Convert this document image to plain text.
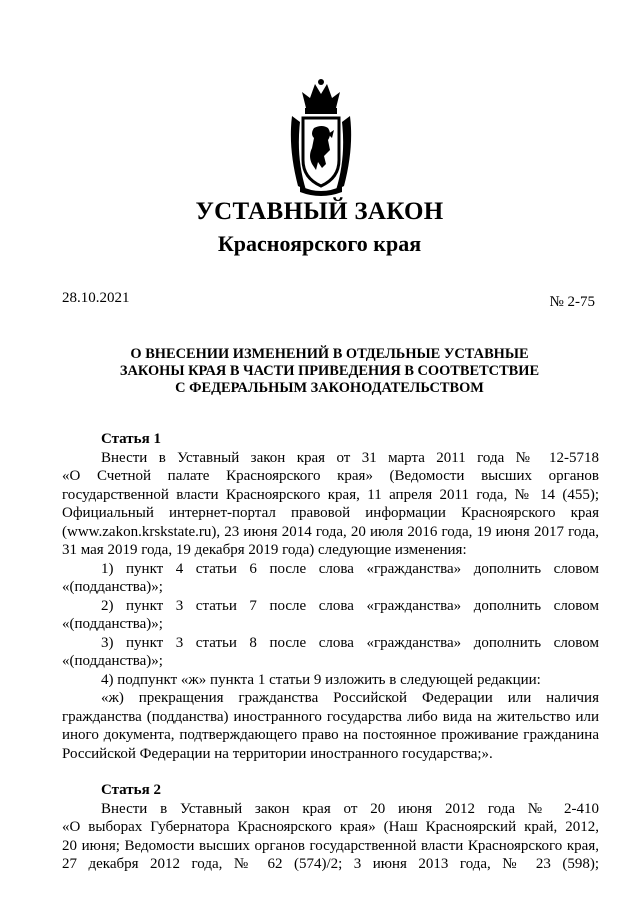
УСТАВНЫЙ ЗАКОН
Красноярского края
28.10.2021	№ 2-75
О ВНЕСЕНИИ ИЗМЕНЕНИЙ В ОТДЕЛЬНЫЕ УСТАВНЫЕ
ЗАКОНЫ КРАЯ В ЧАСТИ ПРИВЕДЕНИЯ В СООТВЕТСТВИЕ
С ФЕДЕРАЛЬНЫМ ЗАКОНОДАТЕЛЬСТВОМ
Статья 1
Внести в Уставный закон края от 31 марта 2011 года № 12-5718
«О Счетной палате Красноярского края» (Ведомости высших органов
государственной власти Красноярского края, 11 апреля 2011 года, № 14 (455);
Официальный интернет-портал правовой информации Красноярского края
(www.zakon.krskstate.ru), 23 июня 2014 года, 20 июля 2016 года, 19 июня 2017 года,
31 мая 2019 года, 19 декабря 2019 года) следующие изменения:
1) пункт 4 статьи 6 после слова «гражданства» дополнить словом
«(подданства)»;
2) пункт 3 статьи 7 после слова «гражданства» дополнить словом
«(подданства)»;
3) пункт 3 статьи 8 после слова «гражданства» дополнить словом
«(подданства)»;
4) подпункт «ж» пункта 1 статьи 9 изложить в следующей редакции:
«ж) прекращения гражданства Российской Федерации или наличия
гражданства (подданства) иностранного государства либо вида на жительство или
иного документа, подтверждающего право на постоянное проживание гражданина
Российской Федерации на территории иностранного государства;».
Статья 2
Внести в Уставный закон края от 20 июня 2012 года № 2-410
«О выборах Губернатора Красноярского края» (Наш Красноярский край, 2012,
20 июня; Ведомости высших органов государственной власти Красноярского края,
27 декабря 2012 года, № 62 (574)/2; 3 июня 2013 года, № 23 (598);
